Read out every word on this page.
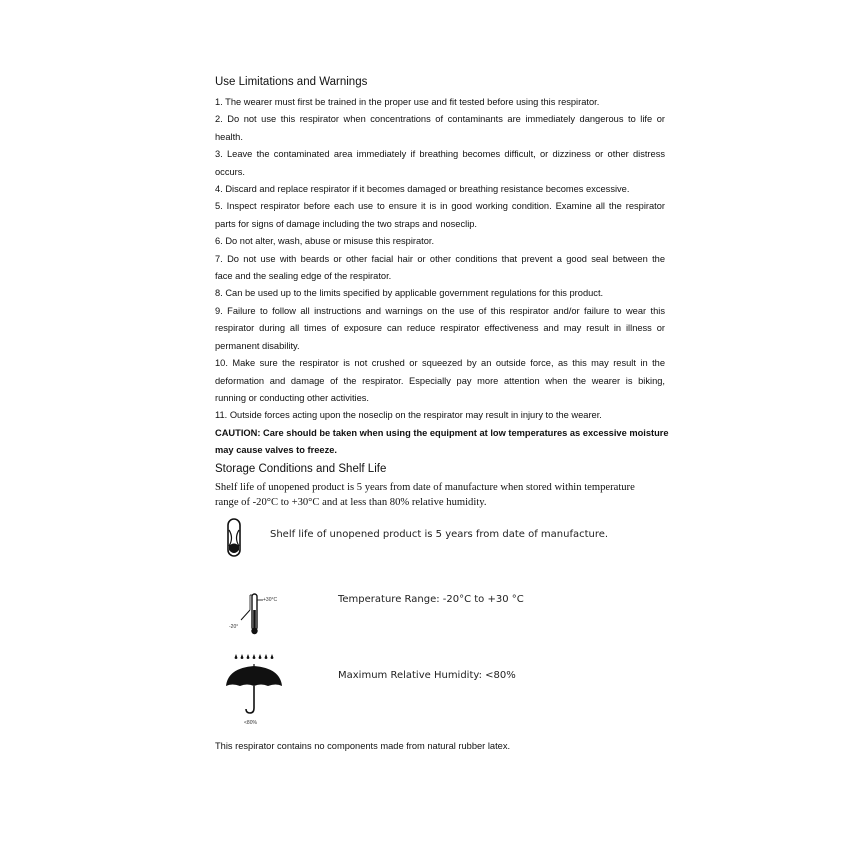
Use Limitations and Warnings
1. The wearer must first be trained in the proper use and fit tested before using this respirator.
2. Do not use this respirator when concentrations of contaminants are immediately dangerous to life or
health.
3. Leave the contaminated area immediately if breathing becomes difficult, or dizziness or other distress
occurs.
4. Discard and replace respirator if it becomes damaged or breathing resistance becomes excessive.
5. Inspect respirator before each use to ensure it is in good working condition. Examine all the respirator
parts for signs of damage including the two straps and noseclip.
6. Do not alter, wash, abuse or misuse this respirator.
7. Do not use with beards or other facial hair or other conditions that prevent a good seal between the
face and the sealing edge of the respirator.
8. Can be used up to the limits specified by applicable government regulations for this product.
9. Failure to follow all instructions and warnings on the use of this respirator and/or failure to wear this
respirator during all times of exposure can reduce respirator effectiveness and may result in illness or
permanent disability.
10. Make sure the respirator is not crushed or squeezed by an outside force, as this may result in the
deformation and damage of the respirator. Especially pay more attention when the wearer is biking,
running or conducting other activities.
11. Outside forces acting upon the noseclip on the respirator may result in injury to the wearer.
CAUTION: Care should be taken when using the equipment at low temperatures as excessive moisture
may cause valves to freeze.
Storage Conditions and Shelf Life
Shelf life of unopened product is 5 years from date of manufacture when stored within temperature
range of -20°C to +30°C and at less than 80% relative humidity.
This respirator contains no components made from natural rubber latex.
Shelf life of unopened product is 5 years from date of manufacture.
+30°C
-20°
Temperature Range: -20°C to +30 °C
<80%
Maximum Relative Humidity: <80%
